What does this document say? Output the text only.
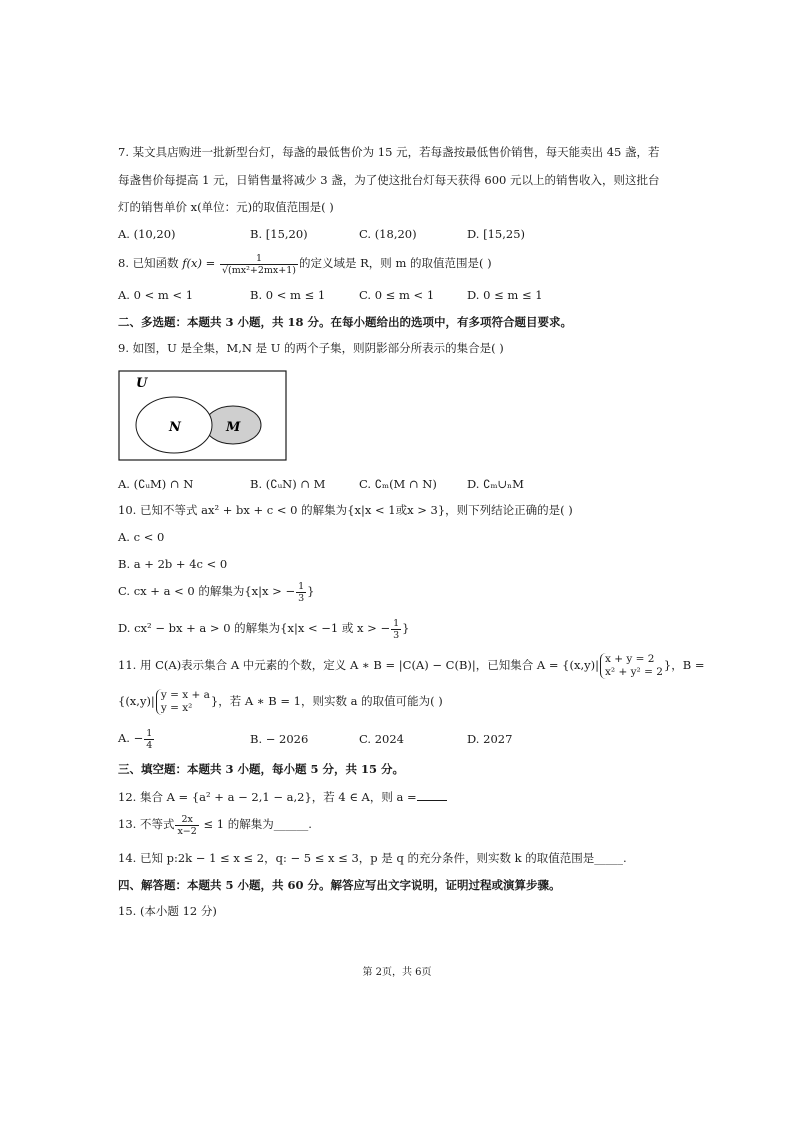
7. 某文具店购进一批新型台灯，每盏的最低售价为 15 元，若每盏按最低售价销售，每天能卖出 45 盏，若
每盏售价每提高 1 元，日销售量将减少 3 盏，为了使这批台灯每天获得 600 元以上的销售收入，则这批台
灯的销售单价 x(单位：元)的取值范围是( )
A. (10,20)	B. [15,20)	C. (18,20)	D. [15,25)
8. 已知函数 $f(x) = \frac{1}{\text{√(mx²+2mx+1)}}$ 的定义域是 R，则 m 的取值范围是( )
A. 0 < m < 1	B. 0 < m ≤ 1	C. 0 ≤ m < 1	D. 0 ≤ m ≤ 1
二、多选题：本题共 3 小题，共 18 分。在每小题给出的选项中，有多项符合题目要求。
9. 如图，U 是全集，M,N 是 U 的两个子集，则阴影部分所表示的集合是( )
U
N	M
A. (∁ᵤM) ∩ N	B. (∁ᵤN) ∩ M	C. ∁ₘ(M ∩ N)	D. ∁ₘ∪ₙM
10. 已知不等式 ax² + bx + c < 0 的解集为{x|x < 1或x > 3}，则下列结论正确的是( )
A. c < 0
B. a + 2b + 4c < 0
C. cx + a < 0 的解集为{x|x > − $\frac{1}{3}$ }
D. cx² − bx + a > 0 的解集为{x|x < −1 或 x > − $\frac{1}{3}$ }
11. 用 C(A)表示集合 A 中元素的个数，定义 A ∗ B = |C(A) − C(B)|，已知集合 A = {(x,y)| x + y = 2
x² + y² = 2 }，B =
{(x,y)| y = x + a
y = x²	}，若 A ∗ B = 1，则实数 a 的取值可能为( )
A. − $\frac{1}{4}$	B. − 2026	C. 2024	D. 2027
三、填空题：本题共 3 小题，每小题 5 分，共 15 分。
12. 集合 A = {a² + a − 2,1 − a,2}，若 4 ∈ A，则 a =
13. 不等式 $\frac{2x}{x-2} \le 1$ 的解集为______.
14. 已知 p:2k − 1 ≤ x ≤ 2，q: − 5 ≤ x ≤ 3，p 是 q 的充分条件，则实数 k 的取值范围是_____.
四、解答题：本题共 5 小题，共 60 分。解答应写出文字说明，证明过程或演算步骤。
15. (本小题 12 分)
第 2页，共 6页
